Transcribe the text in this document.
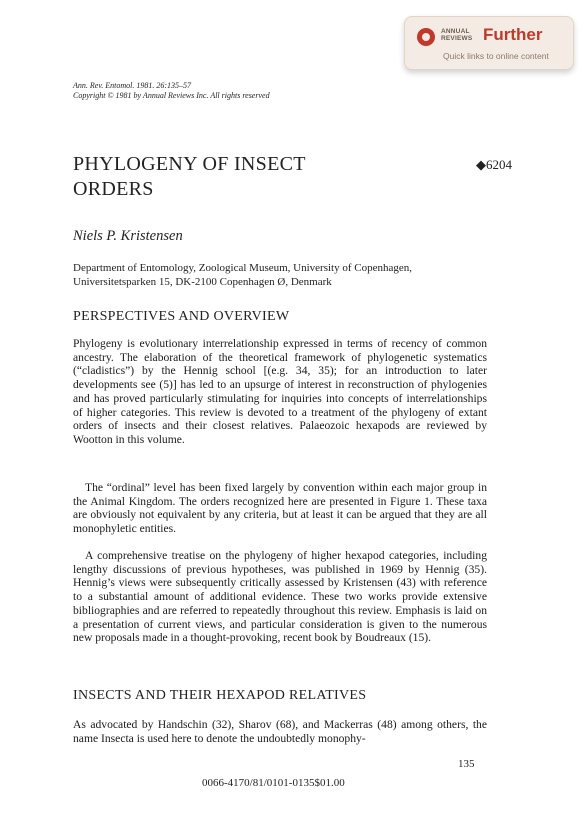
ANNUAL
REVIEWS Further
Quick links to online content
Ann. Rev. Entomol. 1981. 26:135–57
Copyright © 1981 by Annual Reviews Inc. All rights reserved
PHYLOGENY OF INSECT
ORDERS
◆6204
Niels P. Kristensen
Department of Entomology, Zoological Museum, University of Copenhagen,
Universitetsparken 15, DK-2100 Copenhagen Ø, Denmark
PERSPECTIVES AND OVERVIEW
Phylogeny is evolutionary interrelationship expressed in terms of recency of common ancestry. The elaboration of the theoretical framework of phylogenetic systematics (“cladistics”) by the Hennig school [(e.g. 34, 35); for an introduction to later developments see (5)] has led to an upsurge of interest in reconstruction of phylogenies and has proved particularly stimulating for inquiries into concepts of interrelationships of higher categories. This review is devoted to a treatment of the phylogeny of extant orders of insects and their closest relatives. Palaeozoic hexapods are reviewed by Wootton in this volume.
The “ordinal” level has been fixed largely by convention within each major group in the Animal Kingdom. The orders recognized here are presented in Figure 1. These taxa are obviously not equivalent by any criteria, but at least it can be argued that they are all monophyletic entities.
A comprehensive treatise on the phylogeny of higher hexapod categories, including lengthy discussions of previous hypotheses, was published in 1969 by Hennig (35). Hennig’s views were subsequently critically assessed by Kristensen (43) with reference to a substantial amount of additional evidence. These two works provide extensive bibliographies and are referred to repeatedly throughout this review. Emphasis is laid on a presentation of current views, and particular consideration is given to the numerous new proposals made in a thought-provoking, recent book by Boudreaux (15).
INSECTS AND THEIR HEXAPOD RELATIVES
As advocated by Handschin (32), Sharov (68), and Mackerras (48) among others, the name Insecta is used here to denote the undoubtedly monophy-
135
0066-4170/81/0101-0135$01.00
